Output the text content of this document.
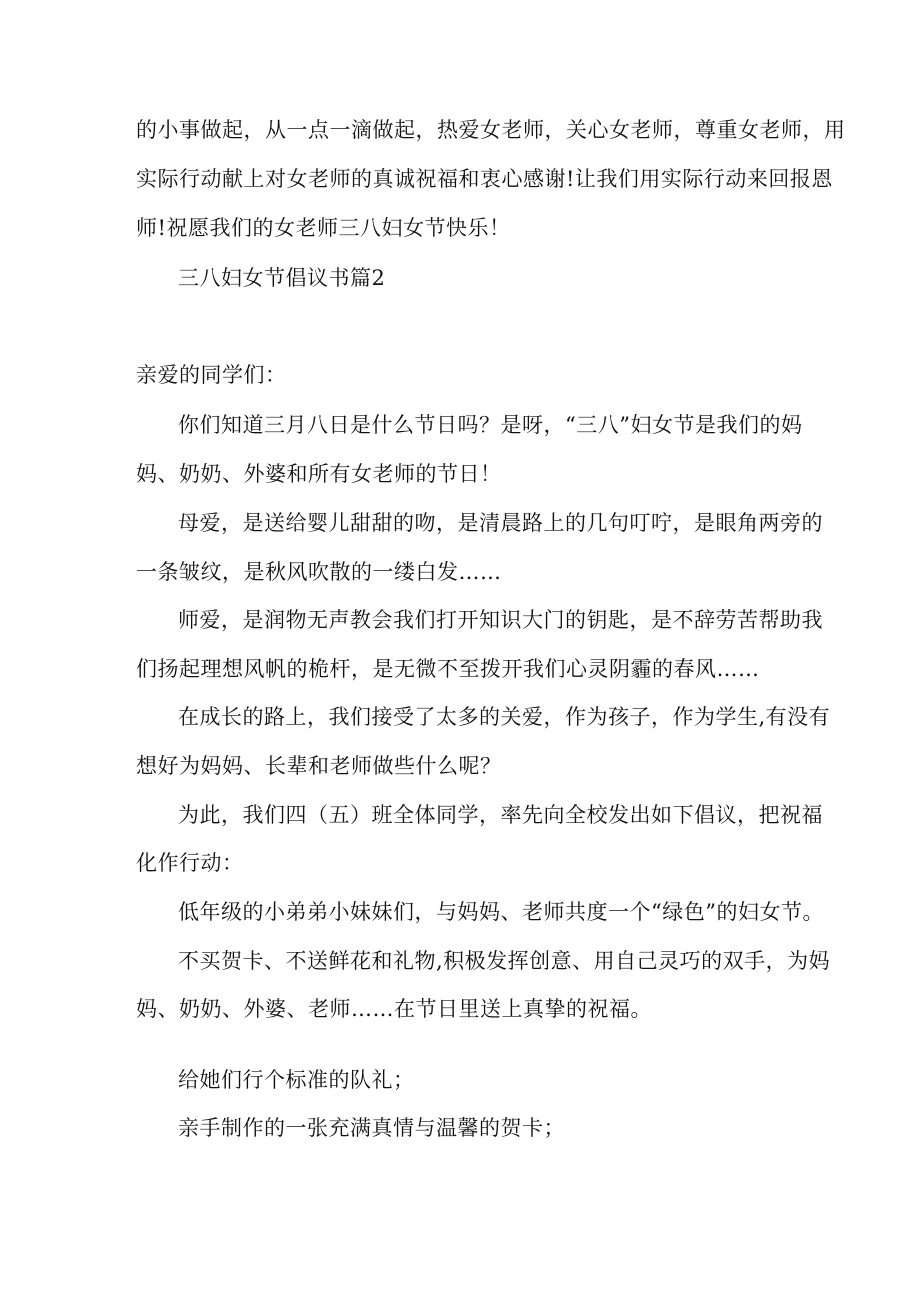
的小事做起，从一点一滴做起，热爱女老师，关心女老师，尊重女老师，用
实际行动献上对女老师的真诚祝福和衷心感谢!让我们用实际行动来回报恩
师!祝愿我们的女老师三八妇女节快乐！
三八妇女节倡议书篇2
亲爱的同学们：
你们知道三月八日是什么节日吗？是呀，“三八”妇女节是我们的妈
妈、奶奶、外婆和所有女老师的节日！
母爱，是送给婴儿甜甜的吻，是清晨路上的几句叮咛，是眼角两旁的
一条皱纹，是秋风吹散的一缕白发……
师爱，是润物无声教会我们打开知识大门的钥匙，是不辞劳苦帮助我
们扬起理想风帆的桅杆，是无微不至拨开我们心灵阴霾的春风……
在成长的路上，我们接受了太多的关爱，作为孩子，作为学生,有没有
想好为妈妈、长辈和老师做些什么呢？
为此，我们四（五）班全体同学，率先向全校发出如下倡议，把祝福
化作行动：
低年级的小弟弟小妹妹们，与妈妈、老师共度一个“绿色”的妇女节。
不买贺卡、不送鲜花和礼物,积极发挥创意、用自己灵巧的双手，为妈
妈、奶奶、外婆、老师……在节日里送上真挚的祝福。
给她们行个标准的队礼；
亲手制作的一张充满真情与温馨的贺卡；
